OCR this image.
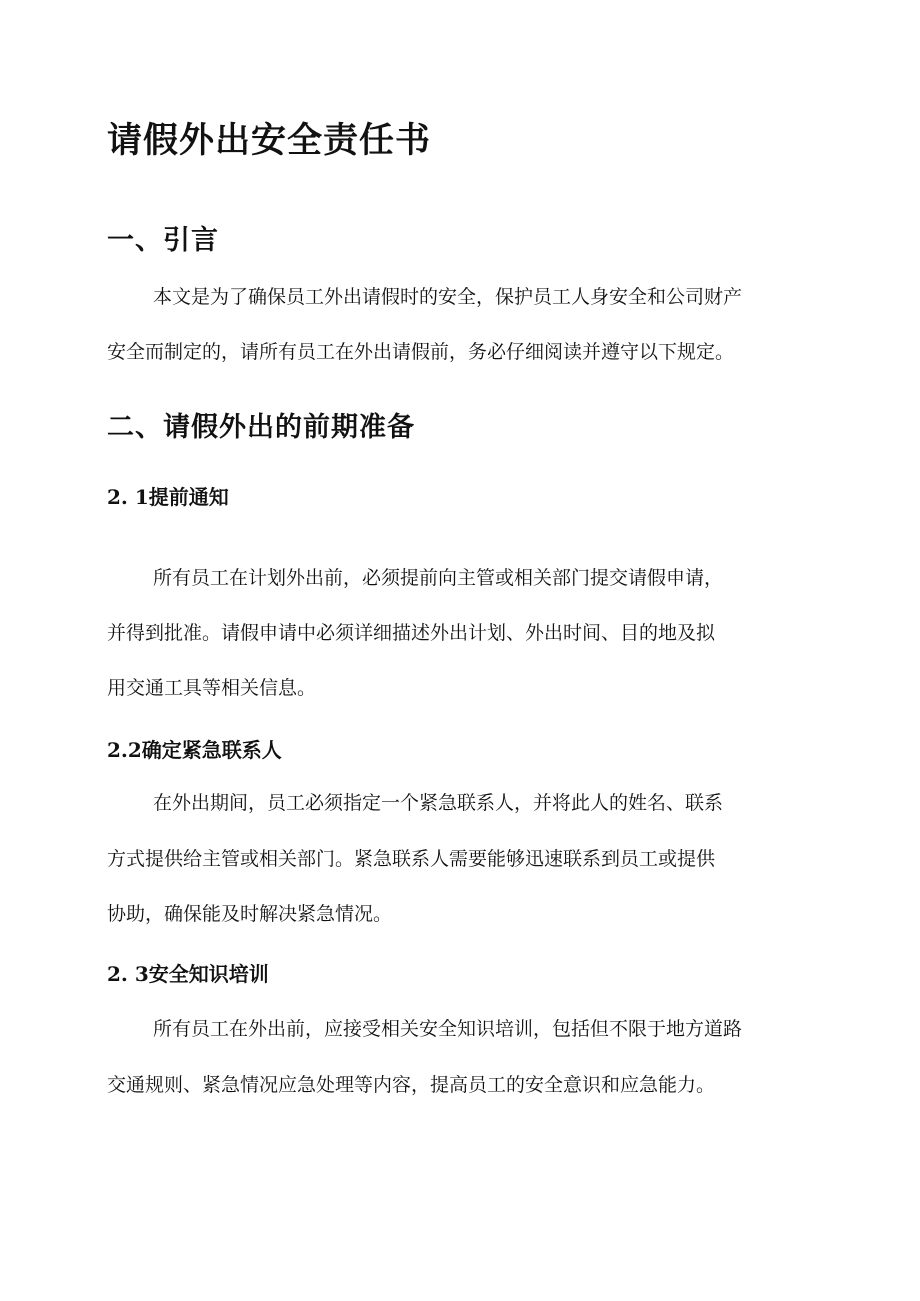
请假外出安全责任书
一、引言

本文是为了确保员工外出请假时的安全，保护员工人身安全和公司财产

安全而制定的，请所有员工在外出请假前，务必仔细阅读并遵守以下规定。

二、请假外出的前期准备
2. 1提前通知

所有员工在计划外出前，必须提前向主管或相关部门提交请假申请，

并得到批准。请假申请中必须详细描述外出计划、外出时间、目的地及拟

用交通工具等相关信息。

2.2确定紧急联系人

在外出期间，员工必须指定一个紧急联系人，并将此人的姓名、联系

方式提供给主管或相关部门。紧急联系人需要能够迅速联系到员工或提供

协助，确保能及时解决紧急情况。

2. 3安全知识培训

所有员工在外出前，应接受相关安全知识培训，包括但不限于地方道路

交通规则、紧急情况应急处理等内容，提高员工的安全意识和应急能力。
